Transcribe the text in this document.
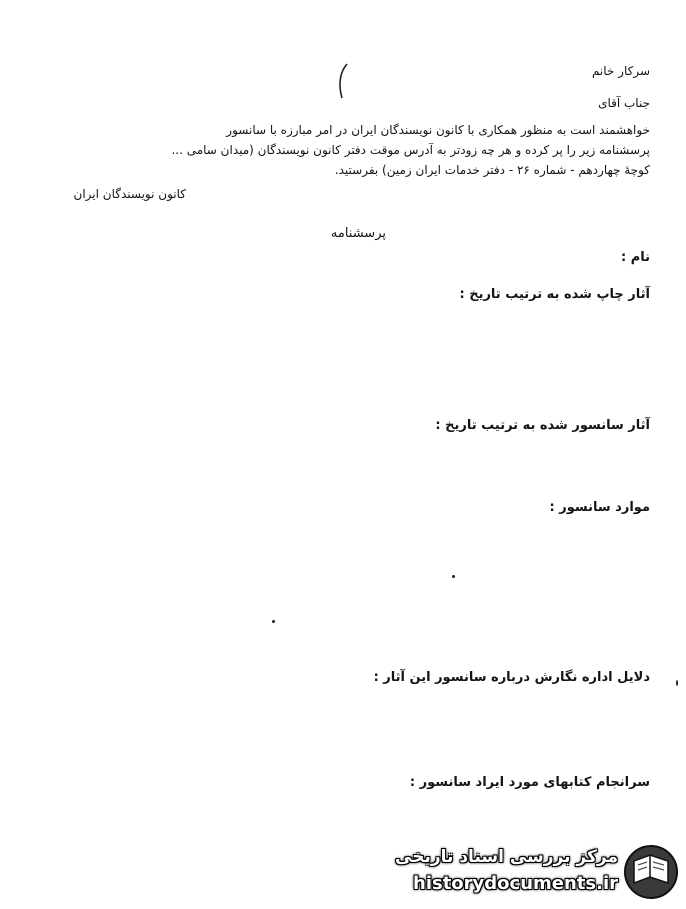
سرکار خانم
جناب آقای
خواهشمند است به منظور همکاری با کانون نویسندگان ایران در امر مبارزه با سانسور
پرسشنامه زیر را پر کرده و هر چه زودتر به آدرس موقت دفتر کانون نویسندگان (میدان سامی ...
کوچهٔ چهاردهم - شماره ۲۶ - دفتر خدمات ایران زمین) بفرستید.
کانون نویسندگان ایران
پرسشنامه
نام :
آثار چاپ شده به ترتیب تاریخ :
آثار سانسور شده به ترتیب تاریخ :
موارد سانسور :
دلایل اداره نگارش درباره سانسور این آثار :
سرانجام کتابهای مورد ایراد سانسور :
مرکز بررسی اسناد تاریخی
historydocuments.ir
